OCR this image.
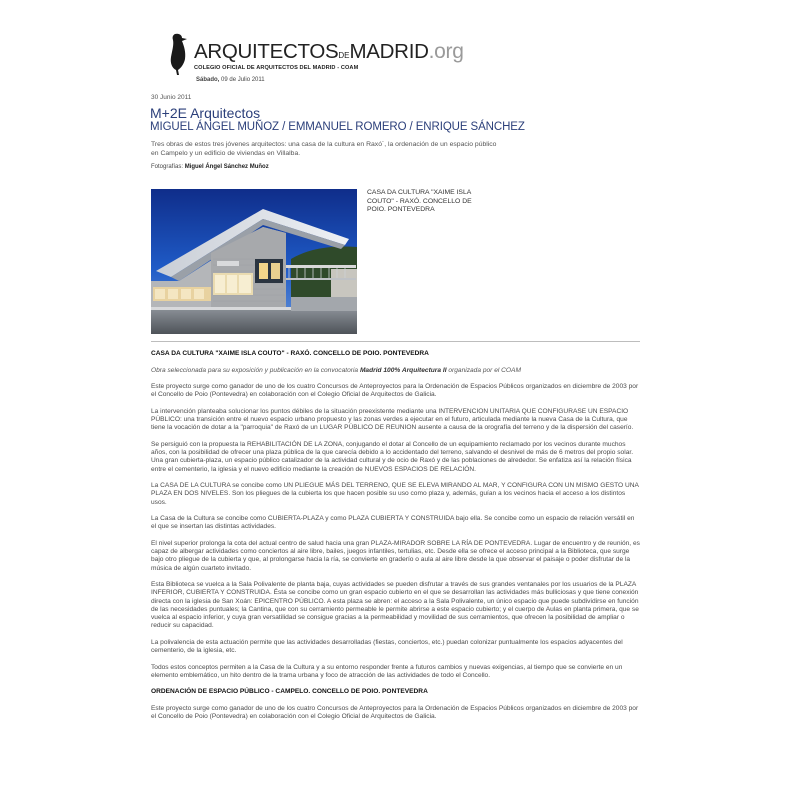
ARQUITECTOSDEMADRID.org
COLEGIO OFICIAL DE ARQUITECTOS DEL MADRID - COAM
Sábado, 09 de Julio 2011
30 Junio 2011
M+2E Arquitectos
MIGUEL ÁNGEL MUÑOZ / EMMANUEL ROMERO / ENRIQUE SÁNCHEZ
Tres obras de estos tres jóvenes arquitectos: una casa de la cultura en Raxó´, la ordenación de un espacio público en Campelo y un edificio de viviendas en Villalba.
Fotografías: Miguel Ángel Sánchez Muñoz
CASA DA CULTURA "XAIME ISLA COUTO" - RAXÓ. CONCELLO DE POIO. PONTEVEDRA

CASA DA CULTURA "XAIME ISLA COUTO" - RAXÓ. CONCELLO DE POIO. PONTEVEDRA

Obra seleccionada para su exposición y publicación en la convocatoria Madrid 100% Arquitectura II organizada por el COAM

Este proyecto surge como ganador de uno de los cuatro Concursos de Anteproyectos para la Ordenación de Espacios Públicos organizados en diciembre de 2003 por el Concello de Poio (Pontevedra) en colaboración con el Colegio Oficial de Arquitectos de Galicia.

La intervención planteaba solucionar los puntos débiles de la situación preexistente mediante una INTERVENCION UNITARIA QUE CONFIGURASE UN ESPACIO PÚBLICO: una transición entre el nuevo espacio urbano propuesto y las zonas verdes a ejecutar en el futuro, articulada mediante la nueva Casa de la Cultura, que tiene la vocación de dotar a la "parroquia" de Raxó de un LUGAR PÚBLICO DE REUNION ausente a causa de la orografía del terreno y de la dispersión del caserío.

Se persiguió con la propuesta la REHABILITACIÓN DE LA ZONA, conjugando el dotar al Concello de un equipamiento reclamado por los vecinos durante muchos años, con la posibilidad de ofrecer una plaza pública de la que carecía debido a lo accidentado del terreno, salvando el desnivel de más de 6 metros del propio solar. Una gran cubierta-plaza, un espacio público catalizador de la actividad cultural y de ocio de Raxó y de las poblaciones de alrededor. Se enfatiza así la relación física entre el cementerio, la iglesia y el nuevo edificio mediante la creación de NUEVOS ESPACIOS DE RELACIÓN.

La CASA DE LA CULTURA se concibe como UN PLIEGUE MÁS DEL TERRENO, QUE SE ELEVA MIRANDO AL MAR, Y CONFIGURA CON UN MISMO GESTO UNA PLAZA EN DOS NIVELES. Son los pliegues de la cubierta los que hacen posible su uso como plaza y, además, guían a los vecinos hacia el acceso a los distintos usos.

La Casa de la Cultura se concibe como CUBIERTA-PLAZA y como PLAZA CUBIERTA Y CONSTRUIDA bajo ella. Se concibe como un espacio de relación versátil en el que se insertan las distintas actividades.

El nivel superior prolonga la cota del actual centro de salud hacia una gran PLAZA-MIRADOR SOBRE LA RÍA DE PONTEVEDRA. Lugar de encuentro y de reunión, es capaz de albergar actividades como conciertos al aire libre, bailes, juegos infantiles, tertulias, etc. Desde ella se ofrece el acceso principal a la Biblioteca, que surge bajo otro pliegue de la cubierta y que, al prolongarse hacia la ría, se convierte en graderío o aula al aire libre desde la que observar el paisaje o poder disfrutar de la música de algún cuarteto invitado.

Esta Biblioteca se vuelca a la Sala Polivalente de planta baja, cuyas actividades se pueden disfrutar a través de sus grandes ventanales por los usuarios de la PLAZA INFERIOR, CUBIERTA Y CONSTRUIDA. Ésta se concibe como un gran espacio cubierto en el que se desarrollan las actividades más bulliciosas y que tiene conexión directa con la iglesia de San Xoán: EPICENTRO PÚBLICO. A esta plaza se abren: el acceso a la Sala Polivalente, un único espacio que puede subdividirse en función de las necesidades puntuales; la Cantina, que con su cerramiento permeable le permite abrirse a este espacio cubierto; y el cuerpo de Aulas en planta primera, que se vuelca al espacio inferior, y cuya gran versatilidad se consigue gracias a la permeabilidad y movilidad de sus cerramientos, que ofrecen la posibilidad de ampliar o reducir su capacidad.

La polivalencia de esta actuación permite que las actividades desarrolladas (fiestas, conciertos, etc.) puedan colonizar puntualmente los espacios adyacentes del cementerio, de la iglesia, etc.

Todos estos conceptos permiten a la Casa de la Cultura y a su entorno responder frente a futuros cambios y nuevas exigencias, al tiempo que se convierte en un elemento emblemático, un hito dentro de la trama urbana y foco de atracción de las actividades de todo el Concello.

ORDENACIÓN DE ESPACIO PÚBLICO - CAMPELO. CONCELLO DE POIO. PONTEVEDRA

Este proyecto surge como ganador de uno de los cuatro Concursos de Anteproyectos para la Ordenación de Espacios Públicos organizados en diciembre de 2003 por el Concello de Poio (Pontevedra) en colaboración con el Colegio Oficial de Arquitectos de Galicia.
